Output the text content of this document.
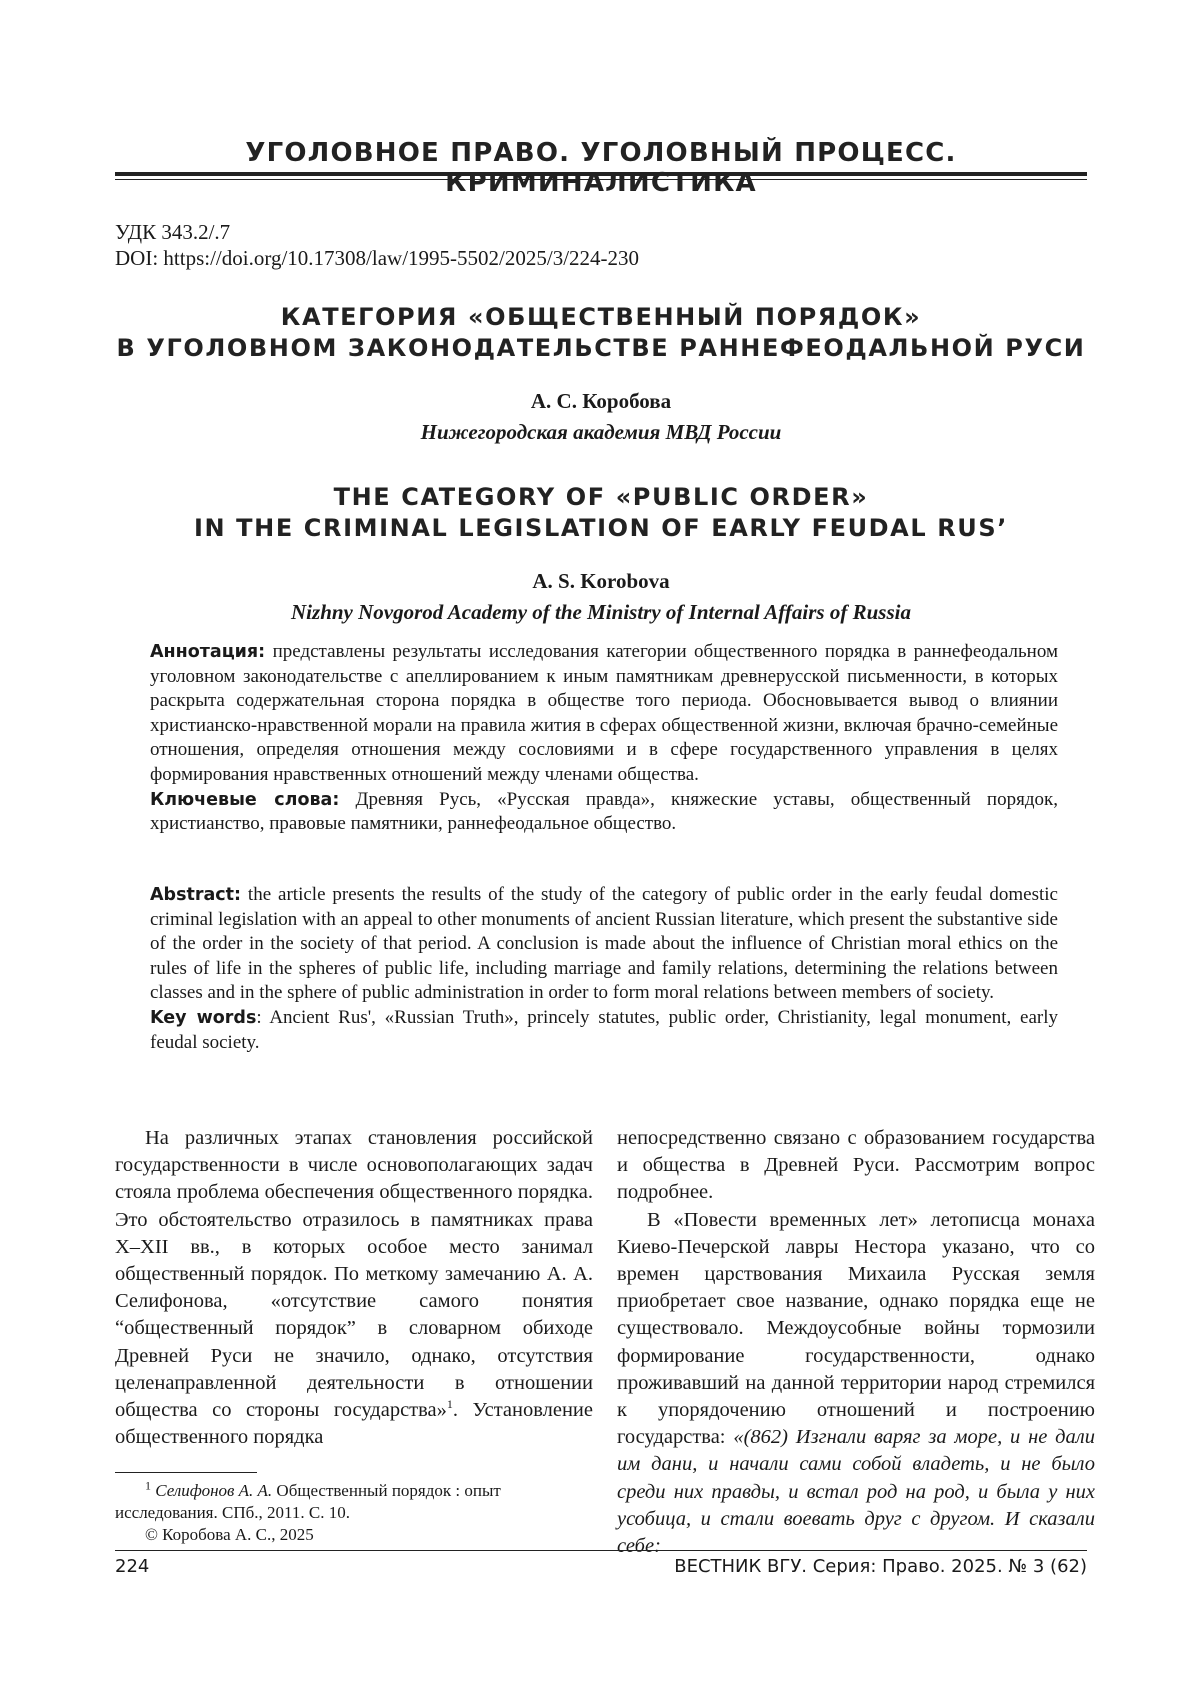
УГОЛОВНОЕ ПРАВО. УГОЛОВНЫЙ ПРОЦЕСС. КРИМИНАЛИСТИКА
УДК 343.2/.7
DOI: https://doi.org/10.17308/law/1995-5502/2025/3/224-230
КАТЕГОРИЯ «ОБЩЕСТВЕННЫЙ ПОРЯДОК»
В УГОЛОВНОМ ЗАКОНОДАТЕЛЬСТВЕ РАННЕФЕОДАЛЬНОЙ РУСИ
А. С. Коробова
Нижегородская академия МВД России
THE CATEGORY OF «PUBLIC ORDER»
IN THE CRIMINAL LEGISLATION OF EARLY FEUDAL RUS’
A. S. Korobova
Nizhny Novgorod Academy of the Ministry of Internal Affairs of Russia

Аннотация: представлены результаты исследования категории общественного порядка в раннефеодальном уголовном законодательстве с апеллированием к иным памятникам древнерусской письменности, в которых раскрыта содержательная сторона порядка в обществе того периода. Обосновывается вывод о влиянии христианско-нравственной морали на правила жития в сферах общественной жизни, включая брачно-семейные отношения, определяя отношения между сословиями и в сфере государственного управления в целях формирования нравственных отношений между членами общества.

Ключевые слова: Древняя Русь, «Русская правда», княжеские уставы, общественный порядок, христианство, правовые памятники, раннефеодальное общество.

Abstract: the article presents the results of the study of the category of public order in the early feudal domestic criminal legislation with an appeal to other monuments of ancient Russian literature, which present the substantive side of the order in the society of that period. A conclusion is made about the influence of Christian moral ethics on the rules of life in the spheres of public life, including marriage and family relations, determining the relations between classes and in the sphere of public administration in order to form moral relations between members of society.

Key words: Ancient Rus', «Russian Truth», princely statutes, public order, Christianity, legal monument, early feudal society.

На различных этапах становления российской государственности в числе основополагающих задач стояла проблема обеспечения общественного порядка. Это обстоятельство отразилось в памятниках права X–XII вв., в которых особое место занимал общественный порядок. По меткому замечанию А. А. Селифонова, «отсутствие самого понятия “общественный порядок” в словарном обиходе Древней Руси не значило, однако, отсутствия целенаправленной деятельности в отношении общества со стороны государства»1. Установление общественного порядка

непосредственно связано с образованием государства и общества в Древней Руси. Рассмотрим вопрос подробнее.

В «Повести временных лет» летописца монаха Киево-Печерской лавры Нестора указано, что со времен царствования Михаила Русская земля приобретает свое название, однако порядка еще не существовало. Междоусобные войны тормозили формирование государственности, однако проживавший на данной территории народ стремился к упорядочению отношений и построению государства: «(862) Изгнали варяг за море, и не дали им дани, и начали сами собой владеть, и не было среди них правды, и встал род на род, и была у них усобица, и стали воевать друг с другом. И сказали себе:

1 Селифонов А. А. Общественный порядок : опыт исследования. СПб., 2011. С. 10.

© Коробова А. С., 2025

224	ВЕСТНИК ВГУ. Серия: Право. 2025. № 3 (62)
